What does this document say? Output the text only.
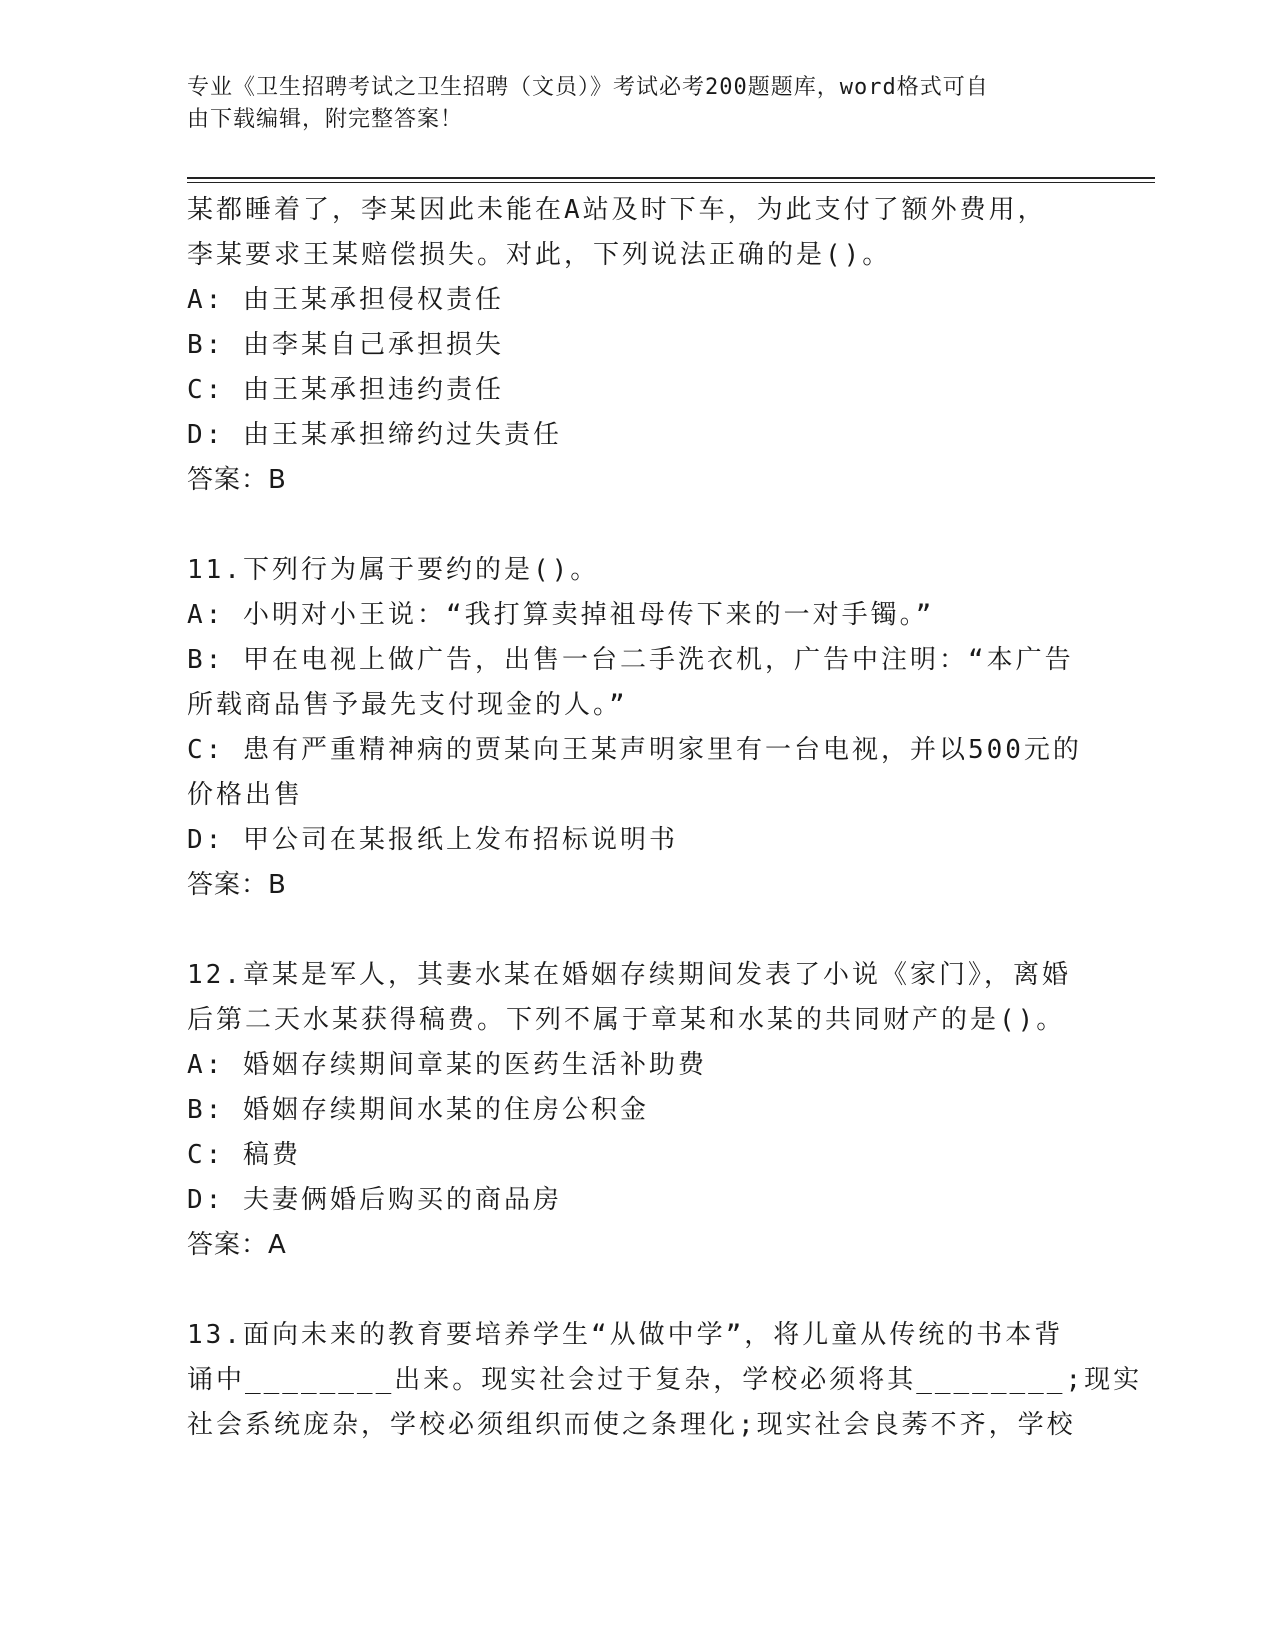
专业《卫生招聘考试之卫生招聘（文员）》考试必考200题题库，word格式可自
由下载编辑，附完整答案！
某都睡着了，李某因此未能在A站及时下车，为此支付了额外费用，
李某要求王某赔偿损失。对此，下列说法正确的是()。
A: 由王某承担侵权责任
B: 由李某自己承担损失
C: 由王某承担违约责任
D: 由王某承担缔约过失责任
答案：B
11.下列行为属于要约的是()。
A: 小明对小王说：“我打算卖掉祖母传下来的一对手镯。”
B: 甲在电视上做广告，出售一台二手洗衣机，广告中注明：“本广告
所载商品售予最先支付现金的人。”
C: 患有严重精神病的贾某向王某声明家里有一台电视，并以500元的
价格出售
D: 甲公司在某报纸上发布招标说明书
答案：B
12.章某是军人，其妻水某在婚姻存续期间发表了小说《家门》，离婚
后第二天水某获得稿费。下列不属于章某和水某的共同财产的是()。
A: 婚姻存续期间章某的医药生活补助费
B: 婚姻存续期间水某的住房公积金
C: 稿费
D: 夫妻俩婚后购买的商品房
答案：A
13.面向未来的教育要培养学生“从做中学”，将儿童从传统的书本背
诵中________出来。现实社会过于复杂，学校必须将其________;现实
社会系统庞杂，学校必须组织而使之条理化;现实社会良莠不齐，学校
